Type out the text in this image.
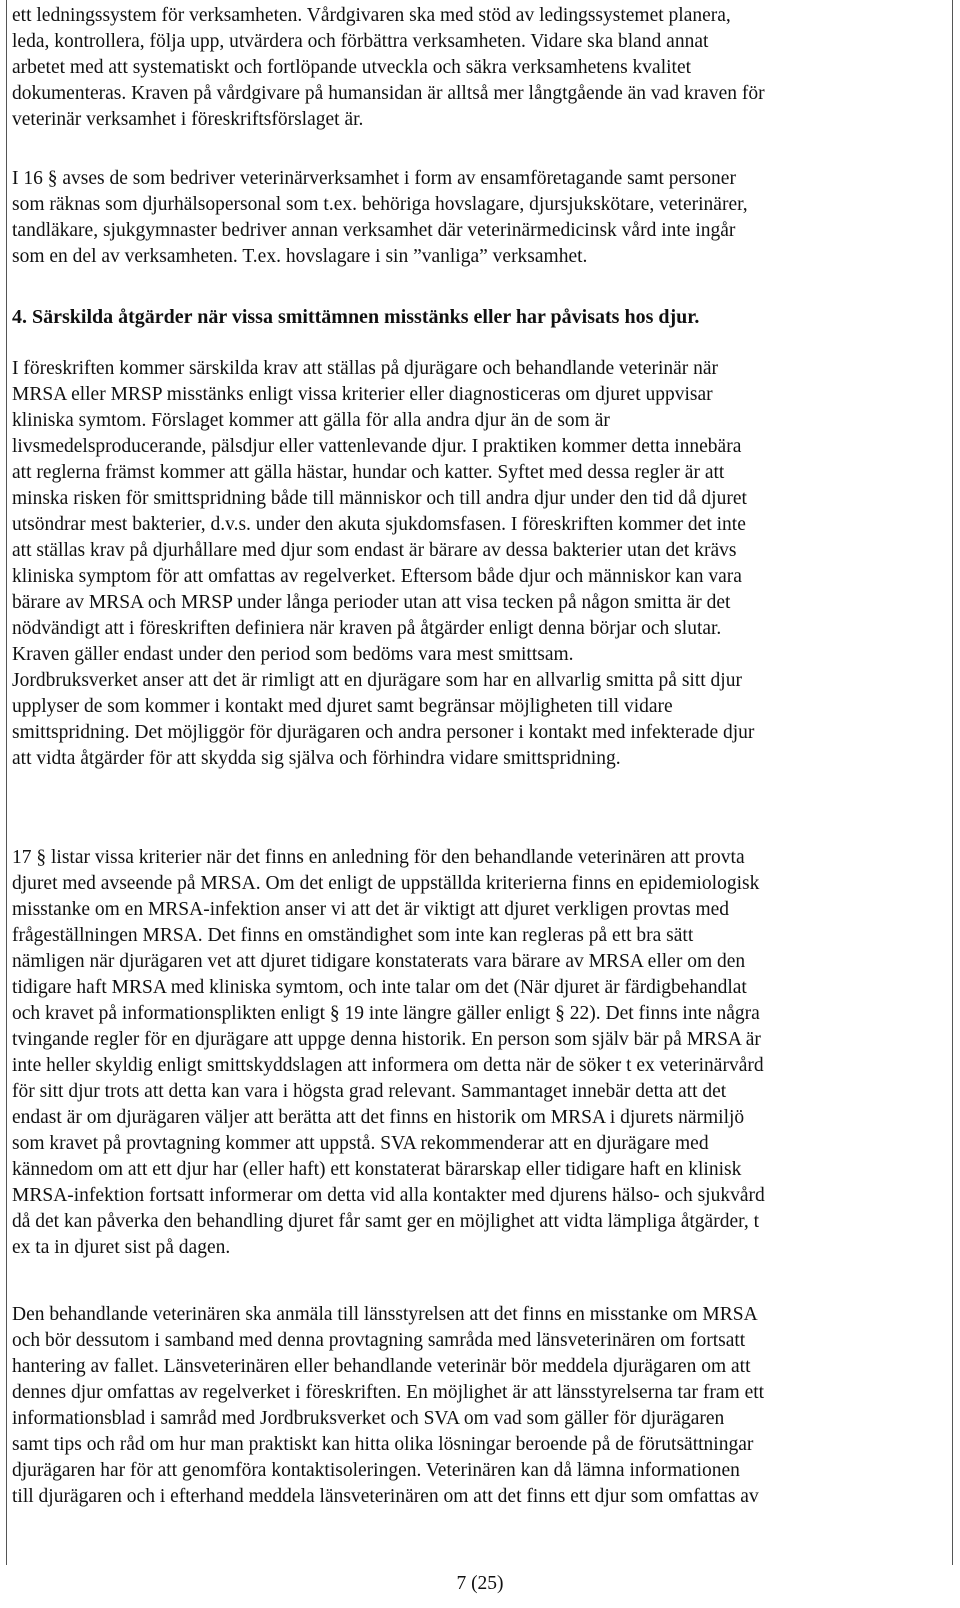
ett ledningssystem för verksamheten. Vårdgivaren ska med stöd av ledingssystemet planera,
leda, kontrollera, följa upp, utvärdera och förbättra verksamheten. Vidare ska bland annat
arbetet med att systematiskt och fortlöpande utveckla och säkra verksamhetens kvalitet
dokumenteras. Kraven på vårdgivare på humansidan är alltså mer långtgående än vad kraven för
veterinär verksamhet i föreskriftsförslaget är.
I 16 § avses de som bedriver veterinärverksamhet i form av ensamföretagande samt personer
som räknas som djurhälsopersonal som t.ex. behöriga hovslagare, djursjukskötare, veterinärer,
tandläkare, sjukgymnaster bedriver annan verksamhet där veterinärmedicinsk vård inte ingår
som en del av verksamheten. T.ex. hovslagare i sin ”vanliga” verksamhet.
4. Särskilda åtgärder när vissa smittämnen misstänks eller har påvisats hos djur.
I föreskriften kommer särskilda krav att ställas på djurägare och behandlande veterinär när
MRSA eller MRSP misstänks enligt vissa kriterier eller diagnosticeras om djuret uppvisar
kliniska symtom. Förslaget kommer att gälla för alla andra djur än de som är
livsmedelsproducerande, pälsdjur eller vattenlevande djur. I praktiken kommer detta innebära
att reglerna främst kommer att gälla hästar, hundar och katter. Syftet med dessa regler är att
minska risken för smittspridning både till människor och till andra djur under den tid då djuret
utsöndrar mest bakterier, d.v.s. under den akuta sjukdomsfasen. I föreskriften kommer det inte
att ställas krav på djurhållare med djur som endast är bärare av dessa bakterier utan det krävs
kliniska symptom för att omfattas av regelverket. Eftersom både djur och människor kan vara
bärare av MRSA och MRSP under långa perioder utan att visa tecken på någon smitta är det
nödvändigt att i föreskriften definiera när kraven på åtgärder enligt denna börjar och slutar.
Kraven gäller endast under den period som bedöms vara mest smittsam.
Jordbruksverket anser att det är rimligt att en djurägare som har en allvarlig smitta på sitt djur
upplyser de som kommer i kontakt med djuret samt begränsar möjligheten till vidare
smittspridning. Det möjliggör för djurägaren och andra personer i kontakt med infekterade djur
att vidta åtgärder för att skydda sig själva och förhindra vidare smittspridning.
17 § listar vissa kriterier när det finns en anledning för den behandlande veterinären att provta
djuret med avseende på MRSA. Om det enligt de uppställda kriterierna finns en epidemiologisk
misstanke om en MRSA-infektion anser vi att det är viktigt att djuret verkligen provtas med
frågeställningen MRSA. Det finns en omständighet som inte kan regleras på ett bra sätt
nämligen när djurägaren vet att djuret tidigare konstaterats vara bärare av MRSA eller om den
tidigare haft MRSA med kliniska symtom, och inte talar om det (När djuret är färdigbehandlat
och kravet på informationsplikten enligt § 19 inte längre gäller enligt § 22). Det finns inte några
tvingande regler för en djurägare att uppge denna historik. En person som själv bär på MRSA är
inte heller skyldig enligt smittskyddslagen att informera om detta när de söker t ex veterinärvård
för sitt djur trots att detta kan vara i högsta grad relevant. Sammantaget innebär detta att det
endast är om djurägaren väljer att berätta att det finns en historik om MRSA i djurets närmiljö
som kravet på provtagning kommer att uppstå. SVA rekommenderar att en djurägare med
kännedom om att ett djur har (eller haft) ett konstaterat bärarskap eller tidigare haft en klinisk
MRSA-infektion fortsatt informerar om detta vid alla kontakter med djurens hälso- och sjukvård
då det kan påverka den behandling djuret får samt ger en möjlighet att vidta lämpliga åtgärder, t
ex ta in djuret sist på dagen.
Den behandlande veterinären ska anmäla till länsstyrelsen att det finns en misstanke om MRSA
och bör dessutom i samband med denna provtagning samråda med länsveterinären om fortsatt
hantering av fallet. Länsveterinären eller behandlande veterinär bör meddela djurägaren om att
dennes djur omfattas av regelverket i föreskriften. En möjlighet är att länsstyrelserna tar fram ett
informationsblad i samråd med Jordbruksverket och SVA om vad som gäller för djurägaren
samt tips och råd om hur man praktiskt kan hitta olika lösningar beroende på de förutsättningar
djurägaren har för att genomföra kontaktisoleringen. Veterinären kan då lämna informationen
till djurägaren och i efterhand meddela länsveterinären om att det finns ett djur som omfattas av
7 (25)
